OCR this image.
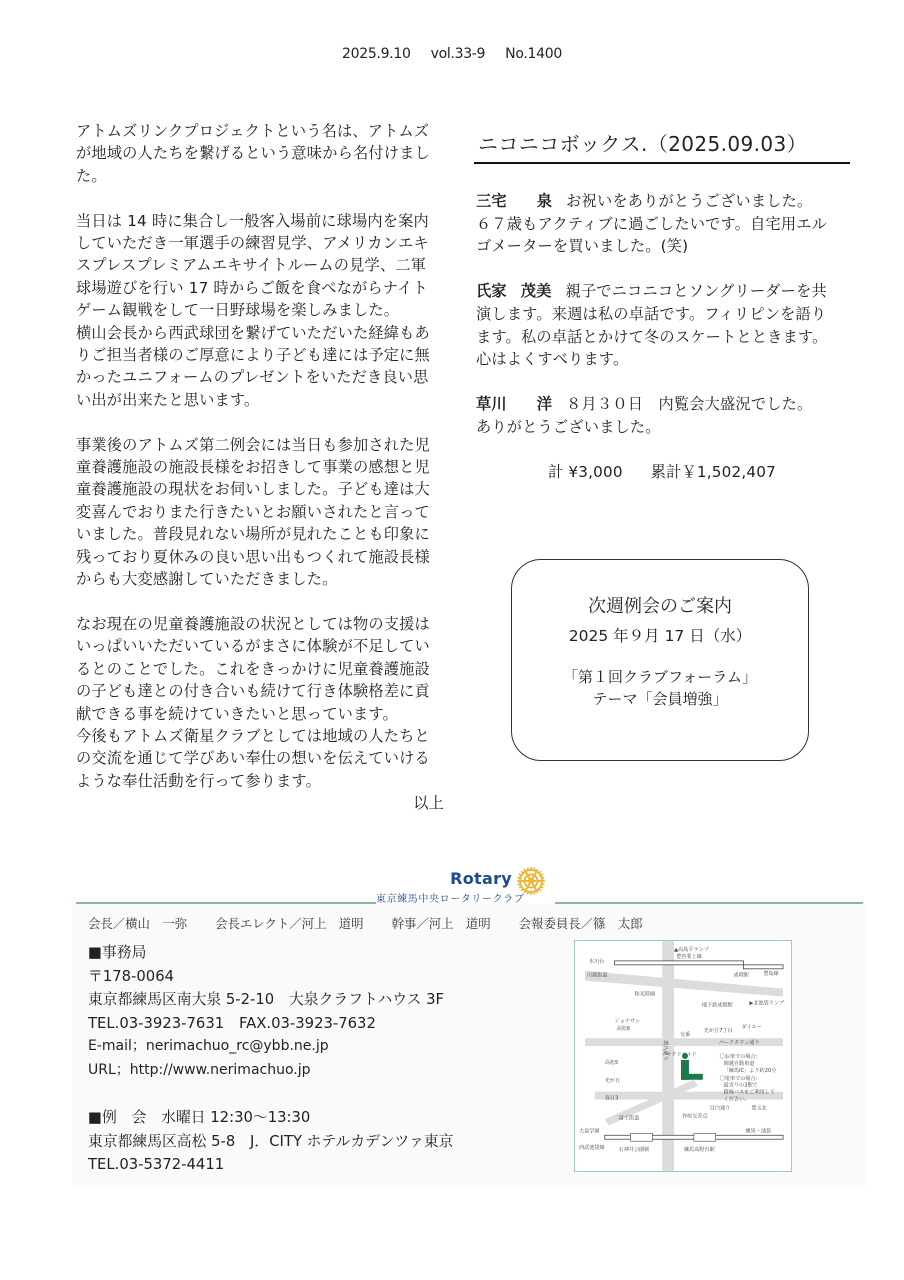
2025.9.10 vol.33-9 No.1400

アトムズリンクプロジェクトという名は、アトムズ
が地域の人たちを繋げるという意味から名付けまし
た。

当日は 14 時に集合し一般客入場前に球場内を案内
していただき一軍選手の練習見学、アメリカンエキ
スプレスプレミアムエキサイトルームの見学、二軍
球場遊びを行い 17 時からご飯を食べながらナイト
ゲーム観戦をして一日野球場を楽しみました。
横山会長から西武球団を繋げていただいた経緯もあ
りご担当者様のご厚意により子ども達には予定に無
かったユニフォームのプレゼントをいただき良い思
い出が出来たと思います。

事業後のアトムズ第二例会には当日も参加された児
童養護施設の施設長様をお招きして事業の感想と児
童養護施設の現状をお伺いしました。子ども達は大
変喜んでおりまた行きたいとお願いされたと言って
いました。普段見れない場所が見れたことも印象に
残っており夏休みの良い思い出もつくれて施設長様
からも大変感謝していただきました。

なお現在の児童養護施設の状況としては物の支援は
いっぱいいただいているがまさに体験が不足してい
るとのことでした。これをきっかけに児童養護施設
の子ども達との付き合いも続けて行き体験格差に貢
献できる事を続けていきたいと思っています。
今後もアトムズ衛星クラブとしては地域の人たちと
の交流を通じて学びあい奉仕の想いを伝えていける
ような奉仕活動を行って参ります。

以上

ニコニコボックス.（2025.09.03）
三宅 泉 お祝いをありがとうございました。
６７歳もアクティブに過ごしたいです。自宅用エル
ゴメーターを買いました。(笑)
氏家 茂美 親子でニコニコとソングリーダーを共
演します。来週は私の卓話です。フィリピンを語り
ます。私の卓話とかけて冬のスケートとときます。
心はよくすべります。
草川 洋 ８月３０日　内覧会大盛況でした。
ありがとうございました。
計 ¥3,000 累計￥1,502,407
次週例会のご案内
2025 年９月 17 日（水）
「第１回クラブフォーラム」
テーマ「会員増強」
Rotary
東京練馬中央ロータリークラブ
会長／横山　一弥 会長エレクト／河上　道明 幹事／河上　道明 会報委員長／篠　太郎
■事務局
〒178-0064
東京都練馬区南大泉 5-2-10　大泉クラフトハウス 3F
TEL.03-3923-7631　FAX.03-3923-7632
E-mail；nerimachuo_rc@ybb.ne.jp
URL；http://www.nerimachuo.jp
■例　会　水曜日 12:30～13:30
東京都練馬区高松 5-8　J．CITY ホテルカデンツァ東京
TEL.03-5372-4411
▲高島平ランプ
豊営業上線
氷川台
川越街道	成増駅	豊島線
和光陸園
地下鉄成増駅	▶北池袋ランプ
ジョナサン
高松6	光が丘7丁目
ダイエー
パークタウン通り
交番
マクドナルド
高松5
光が丘
〇お車での場合：
関越自動車道
「練馬IC」より約20分
〇電車での場合：
最寄りの3駅で
路線バスをご利用して
ください。
春日3
目白通り	豊玉北
谷原交差点
富士街道
大泉学園
西武池袋線	石神井公園駅	練馬高野台駅
練馬・池袋
環八通り
